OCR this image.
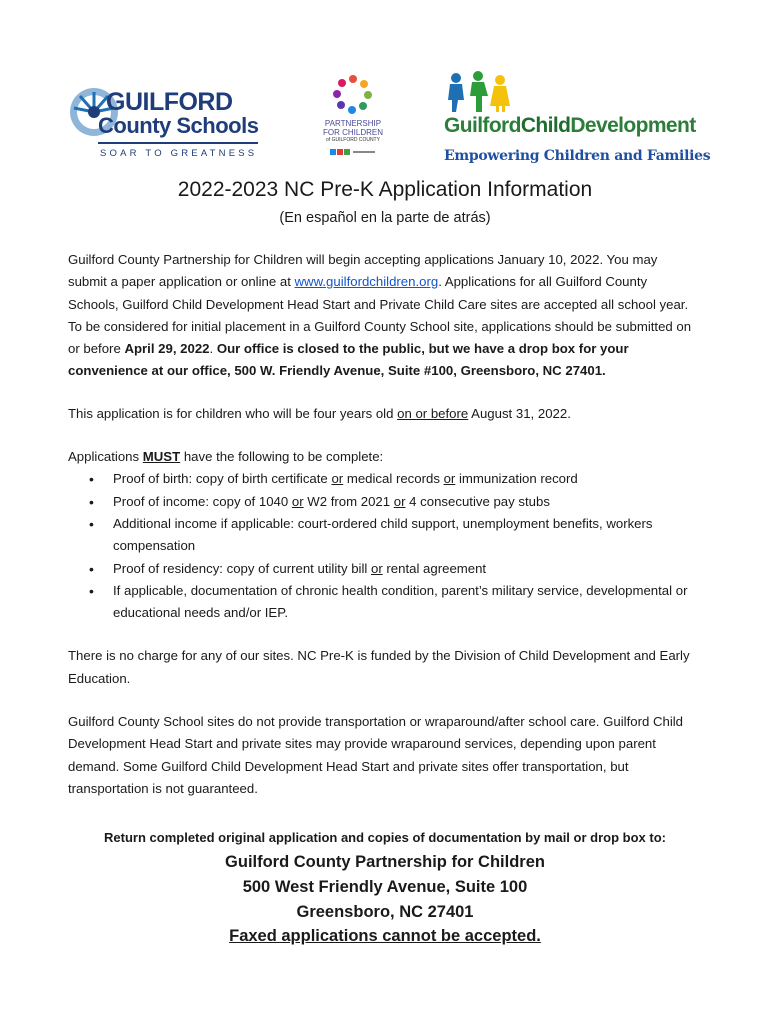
GUILFORD
County Schools
SOAR TO GREATNESS
PARTNERSHIP
FOR CHILDREN
of GUILFORD COUNTY
GuilfordChildDevelopment
Empowering Children and Families
2022-2023 NC Pre-K Application Information
(En español en la parte de atrás)

Guilford County Partnership for Children will begin accepting applications January 10, 2022. You may submit a paper application or online at www.guilfordchildren.org. Applications for all Guilford County Schools, Guilford Child Development Head Start and Private Child Care sites are accepted all school year. To be considered for initial placement in a Guilford County School site, applications should be submitted on or before April 29, 2022. Our office is closed to the public, but we have a drop box for your convenience at our office, 500 W. Friendly Avenue, Suite #100, Greensboro, NC 27401.

This application is for children who will be four years old on or before August 31, 2022.

Applications MUST have the following to be complete:

• Proof of birth: copy of birth certificate or medical records or immunization record
• Proof of income: copy of 1040 or W2 from 2021 or 4 consecutive pay stubs
• Additional income if applicable: court-ordered child support, unemployment benefits, workers compensation
• Proof of residency: copy of current utility bill or rental agreement
• If applicable, documentation of chronic health condition, parent’s military service, developmental or educational needs and/or IEP.

There is no charge for any of our sites. NC Pre-K is funded by the Division of Child Development and Early Education.

Guilford County School sites do not provide transportation or wraparound/after school care. Guilford Child Development Head Start and private sites may provide wraparound services, depending upon parent demand. Some Guilford Child Development Head Start and private sites offer transportation, but transportation is not guaranteed.

Return completed original application and copies of documentation by mail or drop box to:
Guilford County Partnership for Children
500 West Friendly Avenue, Suite 100
Greensboro, NC 27401
Faxed applications cannot be accepted.
